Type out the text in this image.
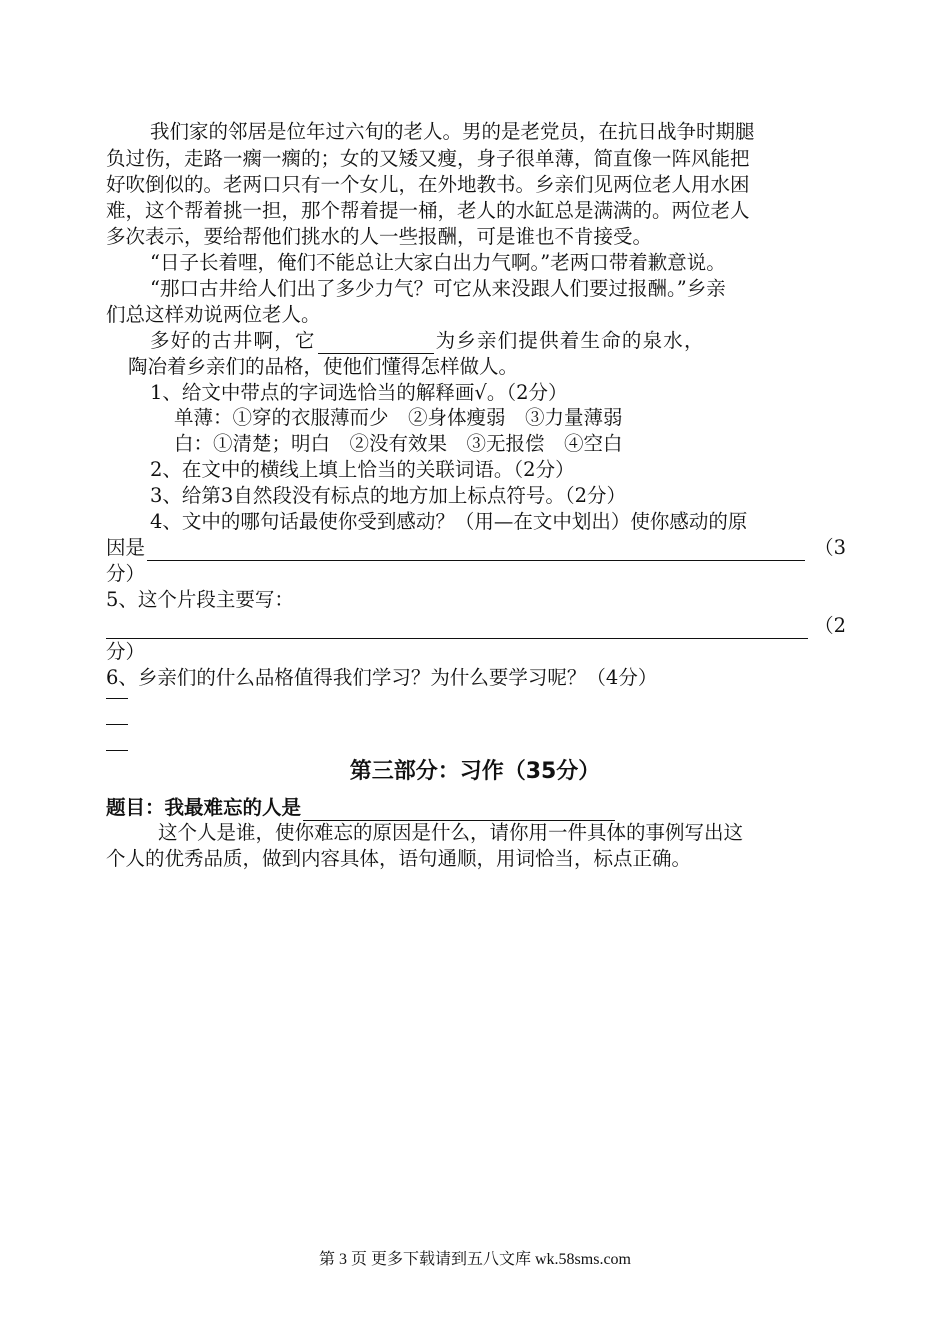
我们家的邻居是位年过六旬的老人。男的是老党员，在抗日战争时期腿
负过伤，走路一瘸一瘸的；女的又矮又瘦，身子很单薄，简直像一阵风能把
好吹倒似的。老两口只有一个女儿，在外地教书。乡亲们见两位老人用水困
难，这个帮着挑一担，那个帮着提一桶，老人的水缸总是满满的。两位老人
多次表示，要给帮他们挑水的人一些报酬，可是谁也不肯接受。
“日子长着哩，俺们不能总让大家白出力气啊。”老两口带着歉意说。
“那口古井给人们出了多少力气？可它从来没跟人们要过报酬。”乡亲
们总这样劝说两位老人。
多好的古井啊，它	为乡亲们提供着生命的泉水，
陶冶着乡亲们的品格，使他们懂得怎样做人。
1、给文中带点的字词选恰当的解释画√。（2分）
单薄：①穿的衣服薄而少　②身体瘦弱　③力量薄弱
白：①清楚；明白　②没有效果　③无报偿　④空白
2、在文中的横线上填上恰当的关联词语。（2分）
3、给第3自然段没有标点的地方加上标点符号。（2分）
4、文中的哪句话最使你受到感动？（用—在文中划出）使你感动的原
因是	（3
分）
5、这个片段主要写：
（2
分）
6、乡亲们的什么品格值得我们学习？为什么要学习呢？（4分）
第三部分：习作（35分）
题目：我最难忘的人是
这个人是谁，使你难忘的原因是什么，请你用一件具体的事例写出这
个人的优秀品质，做到内容具体，语句通顺，用词恰当，标点正确。
第 3 页 更多下载请到五八文库 wk.58sms.com
